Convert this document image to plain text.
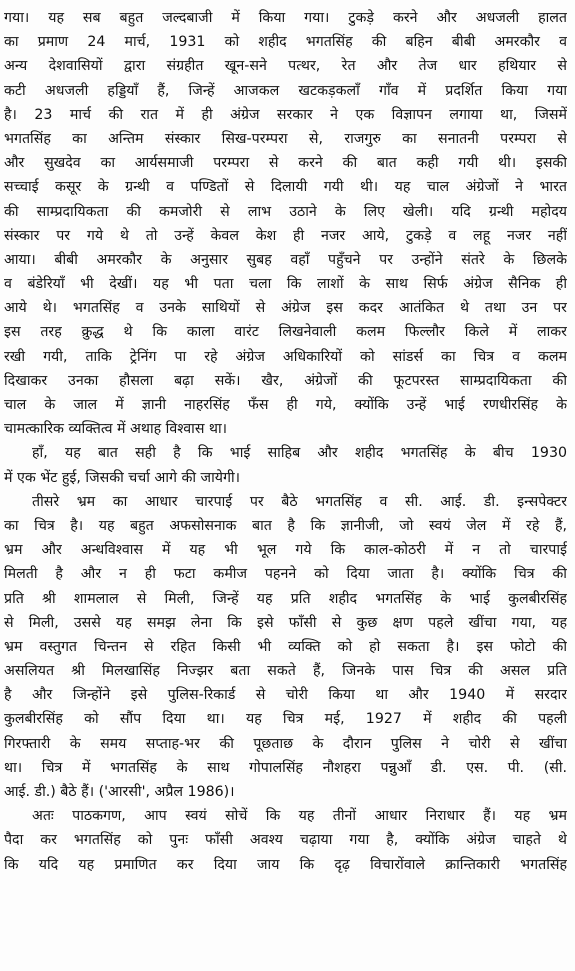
गया। यह सब बहुत जल्दबाजी में किया गया। टुकड़े करने और अधजली हालत
का प्रमाण 24 मार्च, 1931 को शहीद भगतसिंह की बहिन बीबी अमरकौर व
अन्य देशवासियों द्वारा संग्रहीत खून-सने पत्थर, रेत और तेज धार हथियार से
कटी अधजली हड्डियाँ हैं, जिन्हें आजकल खटकड़कलाँ गाँव में प्रदर्शित किया गया
है। 23 मार्च की रात में ही अंग्रेज सरकार ने एक विज्ञापन लगाया था, जिसमें
भगतसिंह का अन्तिम संस्कार सिख-परम्परा से, राजगुरु का सनातनी परम्परा से
और सुखदेव का आर्यसमाजी परम्परा से करने की बात कही गयी थी। इसकी
सच्चाई कसूर के ग्रन्थी व पण्डितों से दिलायी गयी थी। यह चाल अंग्रेजों ने भारत
की साम्प्रदायिकता की कमजोरी से लाभ उठाने के लिए खेली। यदि ग्रन्थी महोदय
संस्कार पर गये थे तो उन्हें केवल केश ही नजर आये, टुकड़े व लहू नजर नहीं
आया। बीबी अमरकौर के अनुसार सुबह वहाँ पहुँचने पर उन्होंने संतरे के छिलके
व बंडेरियाँ भी देखीं। यह भी पता चला कि लाशों के साथ सिर्फ अंग्रेज सैनिक ही
आये थे। भगतसिंह व उनके साथियों से अंग्रेज इस कदर आतंकित थे तथा उन पर
इस तरह क्रुद्ध थे कि काला वारंट लिखनेवाली कलम फिल्लौर किले में लाकर
रखी गयी, ताकि ट्रेनिंग पा रहे अंग्रेज अधिकारियों को सांडर्स का चित्र व कलम
दिखाकर उनका हौसला बढ़ा सकें। खैर, अंग्रेजों की फूटपरस्त साम्प्रदायिकता की
चाल के जाल में ज्ञानी नाहरसिंह फँस ही गये, क्योंकि उन्हें भाई रणधीरसिंह के
चामत्कारिक व्यक्तित्व में अथाह विश्वास था।
हाँ, यह बात सही है कि भाई साहिब और शहीद भगतसिंह के बीच 1930
में एक भेंट हुई, जिसकी चर्चा आगे की जायेगी।
तीसरे भ्रम का आधार चारपाई पर बैठे भगतसिंह व सी. आई. डी. इन्सपेक्टर
का चित्र है। यह बहुत अफसोसनाक बात है कि ज्ञानीजी, जो स्वयं जेल में रहे हैं,
भ्रम और अन्धविश्वास में यह भी भूल गये कि काल-कोठरी में न तो चारपाई
मिलती है और न ही फटा कमीज पहनने को दिया जाता है। क्योंकि चित्र की
प्रति श्री शामलाल से मिली, जिन्हें यह प्रति शहीद भगतसिंह के भाई कुलबीरसिंह
से मिली, उससे यह समझ लेना कि इसे फाँसी से कुछ क्षण पहले खींचा गया, यह
भ्रम वस्तुगत चिन्तन से रहित किसी भी व्यक्ति को हो सकता है। इस फोटो की
असलियत श्री मिलखासिंह निज्झर बता सकते हैं, जिनके पास चित्र की असल प्रति
है और जिन्होंने इसे पुलिस-रिकार्ड से चोरी किया था और 1940 में सरदार
कुलबीरसिंह को सौंप दिया था। यह चित्र मई, 1927 में शहीद की पहली
गिरफ्तारी के समय सप्ताह-भर की पूछताछ के दौरान पुलिस ने चोरी से खींचा
था। चित्र में भगतसिंह के साथ गोपालसिंह नौशहरा पन्नुआँ डी. एस. पी. (सी.
आई. डी.) बैठे हैं। ('आरसी', अप्रैल 1986)।
अतः पाठकगण, आप स्वयं सोचें कि यह तीनों आधार निराधार हैं। यह भ्रम
पैदा कर भगतसिंह को पुनः फाँसी अवश्य चढ़ाया गया है, क्योंकि अंग्रेज चाहते थे
कि यदि यह प्रमाणित कर दिया जाय कि दृढ़ विचारोंवाले क्रान्तिकारी भगतसिंह
